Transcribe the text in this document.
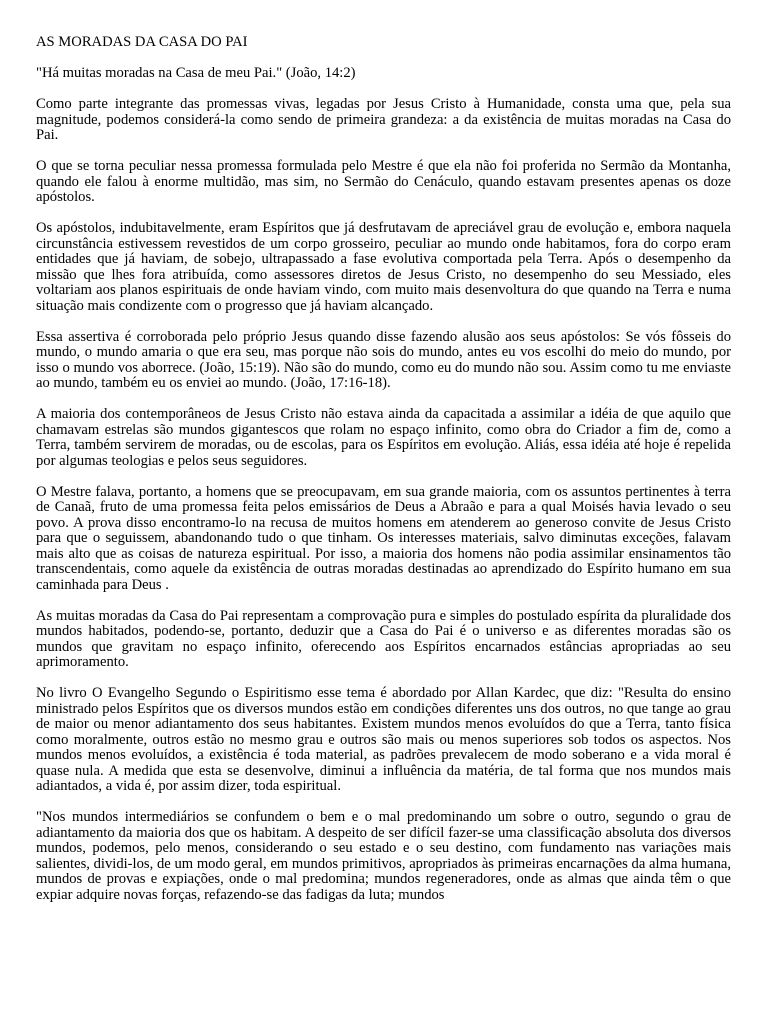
AS MORADAS DA CASA DO PAI

"Há muitas moradas na Casa de meu Pai." (João, 14:2)

Como parte integrante das promessas vivas, legadas por Jesus Cristo à Humanidade, consta uma que, pela sua magnitude, podemos considerá-la como sendo de primeira grandeza: a da existência de muitas moradas na Casa do Pai.

O que se torna peculiar nessa promessa formulada pelo Mestre é que ela não foi proferida no Sermão da Montanha, quando ele falou à enorme multidão, mas sim, no Sermão do Cenáculo, quando estavam presentes apenas os doze apóstolos.

Os apóstolos, indubitavelmente, eram Espíritos que já desfrutavam de apreciável grau de evolução e, embora naquela circunstância estivessem revestidos de um corpo grosseiro, peculiar ao mundo onde habitamos, fora do corpo eram entidades que já haviam, de sobejo, ultrapassado a fase evolutiva comportada pela Terra. Após o desempenho da missão que lhes fora atribuída, como assessores diretos de Jesus Cristo, no desempenho do seu Messiado, eles voltariam aos planos espirituais de onde haviam vindo, com muito mais desenvoltura do que quando na Terra e numa situação mais condizente com o progresso que já haviam alcançado.

Essa assertiva é corroborada pelo próprio Jesus quando disse fazendo alusão aos seus apóstolos: Se vós fôsseis do mundo, o mundo amaria o que era seu, mas porque não sois do mundo, antes eu vos escolhi do meio do mundo, por isso o mundo vos aborrece. (João, 15:19). Não são do mundo, como eu do mundo não sou. Assim como tu me enviaste ao mundo, também eu os enviei ao mundo. (João, 17:16-18).

A maioria dos contemporâneos de Jesus Cristo não estava ainda da capacitada a assimilar a idéia de que aquilo que chamavam estrelas são mundos gigantescos que rolam no espaço infinito, como obra do Criador a fim de, como a Terra, também servirem de moradas, ou de escolas, para os Espíritos em evolução. Aliás, essa idéia até hoje é repelida por algumas teologias e pelos seus seguidores.

O Mestre falava, portanto, a homens que se preocupavam, em sua grande maioria, com os assuntos pertinentes à terra de Canaã, fruto de uma promessa feita pelos emissários de Deus a Abraão e para a qual Moisés havia levado o seu povo. A prova disso encontramo-lo na recusa de muitos homens em atenderem ao generoso convite de Jesus Cristo para que o seguissem, abandonando tudo o que tinham. Os interesses materiais, salvo diminutas exceções, falavam mais alto que as coisas de natureza espiritual. Por isso, a maioria dos homens não podia assimilar ensinamentos tão transcendentais, como aquele da existência de outras moradas destinadas ao aprendizado do Espírito humano em sua caminhada para Deus .

As muitas moradas da Casa do Pai representam a comprovação pura e simples do postulado espírita da pluralidade dos mundos habitados, podendo-se, portanto, deduzir que a Casa do Pai é o universo e as diferentes moradas são os mundos que gravitam no espaço infinito, oferecendo aos Espíritos encarnados estâncias apropriadas ao seu aprimoramento.

No livro O Evangelho Segundo o Espiritismo esse tema é abordado por Allan Kardec, que diz: "Resulta do ensino ministrado pelos Espíritos que os diversos mundos estão em condições diferentes uns dos outros, no que tange ao grau de maior ou menor adiantamento dos seus habitantes. Existem mundos menos evoluídos do que a Terra, tanto física como moralmente, outros estão no mesmo grau e outros são mais ou menos superiores sob todos os aspectos. Nos mundos menos evoluídos, a existência é toda material, as padrões prevalecem de modo soberano e a vida moral é quase nula. A medida que esta se desenvolve, diminui a influência da matéria, de tal forma que nos mundos mais adiantados, a vida é, por assim dizer, toda espiritual.

"Nos mundos intermediários se confundem o bem e o mal predominando um sobre o outro, segundo o grau de adiantamento da maioria dos que os habitam. A despeito de ser difícil fazer-se uma classificação absoluta dos diversos mundos, podemos, pelo menos, considerando o seu estado e o seu destino, com fundamento nas variações mais salientes, dividi-los, de um modo geral, em mundos primitivos, apropriados às primeiras encarnações da alma humana, mundos de provas e expiações, onde o mal predomina; mundos regeneradores, onde as almas que ainda têm o que expiar adquire novas forças, refazendo-se das fadigas da luta; mundos
